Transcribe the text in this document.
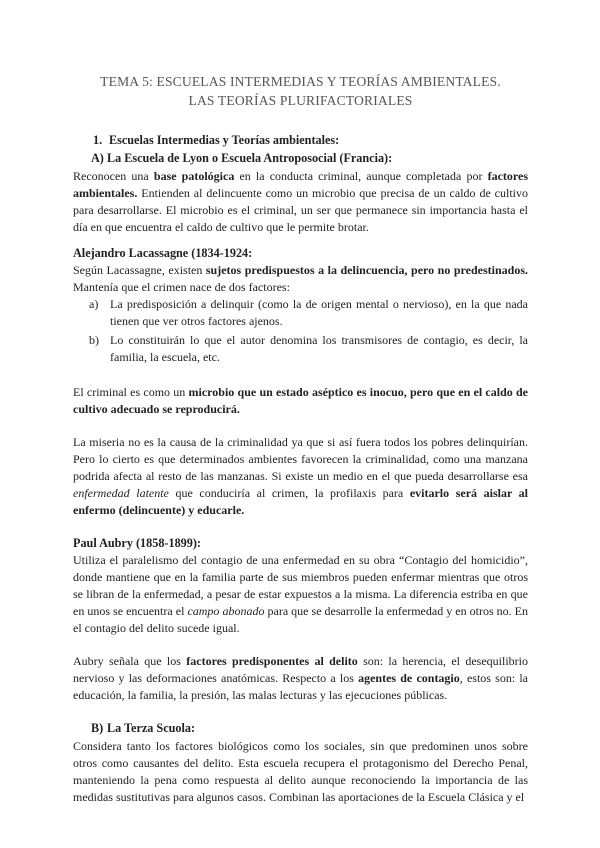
TEMA 5: ESCUELAS INTERMEDIAS Y TEORÍAS AMBIENTALES.
LAS TEORÍAS PLURIFACTORIALES
1. Escuelas Intermedias y Teorías ambientales:
A) La Escuela de Lyon o Escuela Antroposocial (Francia):

Reconocen una base patológica en la conducta criminal, aunque completada por factores ambientales. Entienden al delincuente como un microbio que precisa de un caldo de cultivo para desarrollarse. El microbio es el criminal, un ser que permanece sin importancia hasta el día en que encuentra el caldo de cultivo que le permite brotar.

Alejandro Lacassagne (1834-1924:

Según Lacassagne, existen sujetos predispuestos a la delincuencia, pero no predestinados. Mantenía que el crimen nace de dos factores:

a) La predisposición a delinquir (como la de origen mental o nervioso), en la que nada tienen que ver otros factores ajenos.
b) Lo constituirán lo que el autor denomina los transmisores de contagio, es decir, la familia, la escuela, etc.

El criminal es como un microbio que un estado aséptico es inocuo, pero que en el caldo de cultivo adecuado se reproducirá.

La miseria no es la causa de la criminalidad ya que si así fuera todos los pobres delinquirían. Pero lo cierto es que determinados ambientes favorecen la criminalidad, como una manzana podrida afecta al resto de las manzanas. Si existe un medio en el que pueda desarrollarse esa enfermedad latente que conduciría al crimen, la profilaxis para evitarlo será aislar al enfermo (delincuente) y educarle.

Paul Aubry (1858-1899):

Utiliza el paralelismo del contagio de una enfermedad en su obra “Contagio del homicidio”, donde mantiene que en la familia parte de sus miembros pueden enfermar mientras que otros se libran de la enfermedad, a pesar de estar expuestos a la misma. La diferencia estriba en que en unos se encuentra el campo abonado para que se desarrolle la enfermedad y en otros no. En el contagio del delito sucede igual.

Aubry señala que los factores predisponentes al delito son: la herencia, el desequilibrio nervioso y las deformaciones anatómicas. Respecto a los agentes de contagio, estos son: la educación, la familia, la presión, las malas lecturas y las ejecuciones públicas.

B) La Terza Scuola:

Considera tanto los factores biológicos como los sociales, sin que predominen unos sobre otros como causantes del delito. Esta escuela recupera el protagonismo del Derecho Penal, manteniendo la pena como respuesta al delito aunque reconociendo la importancia de las medidas sustitutivas para algunos casos. Combinan las aportaciones de la Escuela Clásica y el
